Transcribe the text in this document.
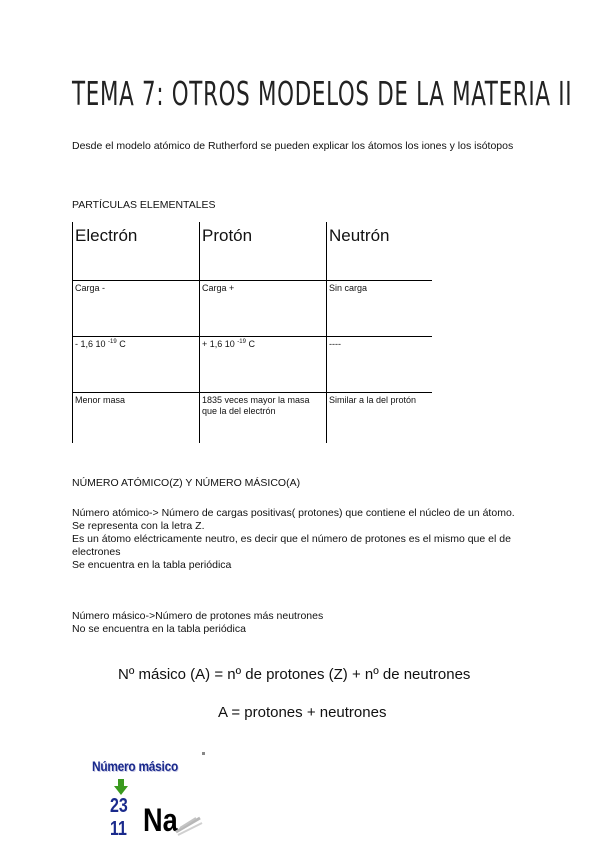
TEMA 7: OTROS MODELOS DE LA MATERIA II
Desde el modelo atómico de Rutherford se pueden explicar los átomos los iones y los isótopos
PARTÍCULAS ELEMENTALES
Electrón	Protón	Neutrón
Carga -	Carga +	Sin carga
- 1,6 10 $^{-19}$ C	+ 1,6 10 $^{-19}$ C	----
Menor masa	1835 veces mayor la masa que la del electrón	Similar a la del protón
NÚMERO ATÓMICO(Z) Y NÚMERO MÁSICO(A)
Número atómico-> Número de cargas positivas( protones) que contiene el núcleo de un átomo.
Se representa con la letra Z.
Es un átomo eléctricamente neutro, es decir que el número de protones es el mismo que el de electrones
Se encuentra en la tabla periódica
Número másico->Número de protones más neutrones
No se encuentra en la tabla periódica
Nº másico (A) = nº de protones (Z) + nº de neutrones
A = protones + neutrones
Número másico
23
11 Na
